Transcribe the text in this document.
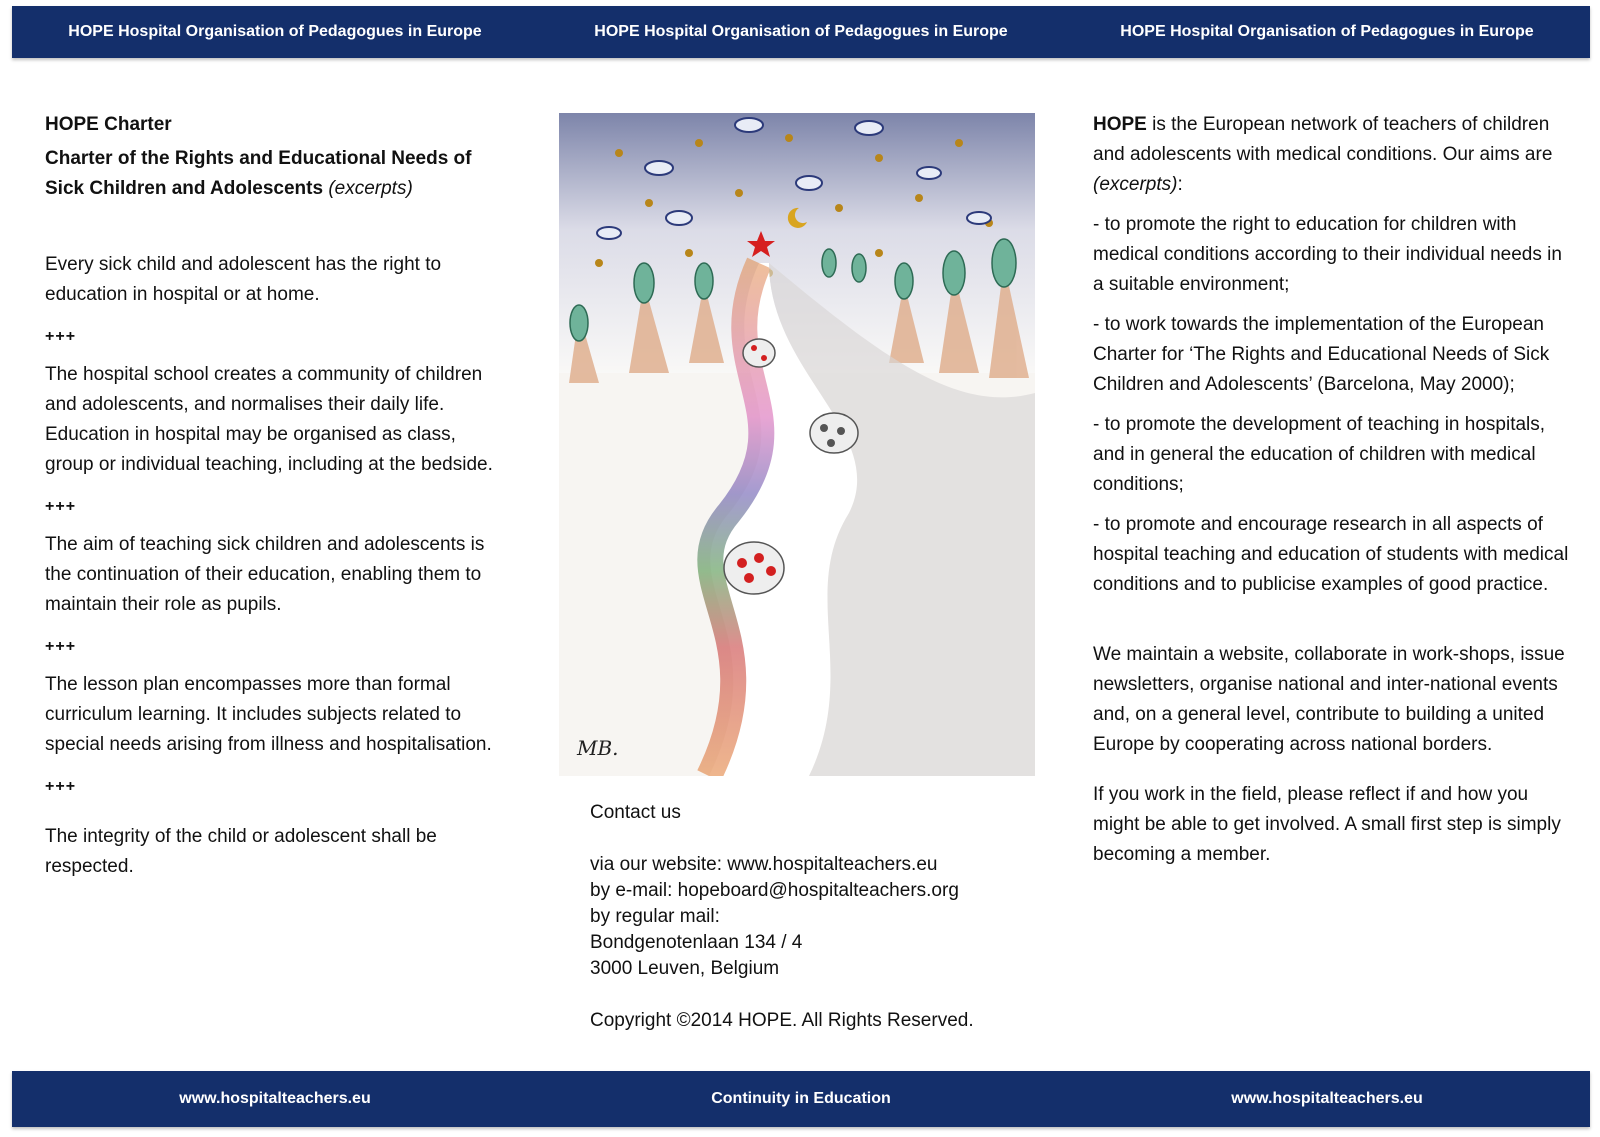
HOPE Hospital Organisation of Pedagogues in Europe	HOPE Hospital Organisation of Pedagogues in Europe	HOPE Hospital Organisation of Pedagogues in Europe

HOPE Charter

Charter of the Rights and Educational Needs of Sick Children and Adolescents (excerpts)

Every sick child and adolescent has the right to education in hospital or at home.

+++

The hospital school creates a community of children and adolescents, and normalises their daily life. Education in hospital may be organised as class, group or individual teaching, including at the bedside.

+++

The aim of teaching sick children and adolescents is the continuation of their education, enabling them to maintain their role as pupils.

+++

The lesson plan encompasses more than formal curriculum learning. It includes subjects related to special needs arising from illness and hospitalisation.

+++

The integrity of the child or adolescent shall be respected.

MB.

Contact us

via our website: www.hospitalteachers.eu

by e-mail: hopeboard@hospitalteachers.org

by regular mail:

Bondgenotenlaan 134 / 4

3000 Leuven, Belgium

Copyright ©2014 HOPE. All Rights Reserved.

HOPE is the European network of teachers of children and adolescents with medical conditions. Our aims are (excerpts):

- to promote the right to education for children with medical conditions according to their individual needs in a suitable environment;

- to work towards the implementation of the European Charter for ‘The Rights and Educational Needs of Sick Children and Adolescents’ (Barcelona, May 2000);

- to promote the development of teaching in hospitals, and in general the education of children with medical conditions;

- to promote and encourage research in all aspects of hospital teaching and education of students with medical conditions and to publicise examples of good practice.

We maintain a website, collaborate in work-shops, issue newsletters, organise national and inter-national events and, on a general level, contribute to building a united Europe by cooperating across national borders.

If you work in the field, please reflect if and how you might be able to get involved. A small first step is simply becoming a member.

www.hospitalteachers.eu	Continuity in Education	www.hospitalteachers.eu
